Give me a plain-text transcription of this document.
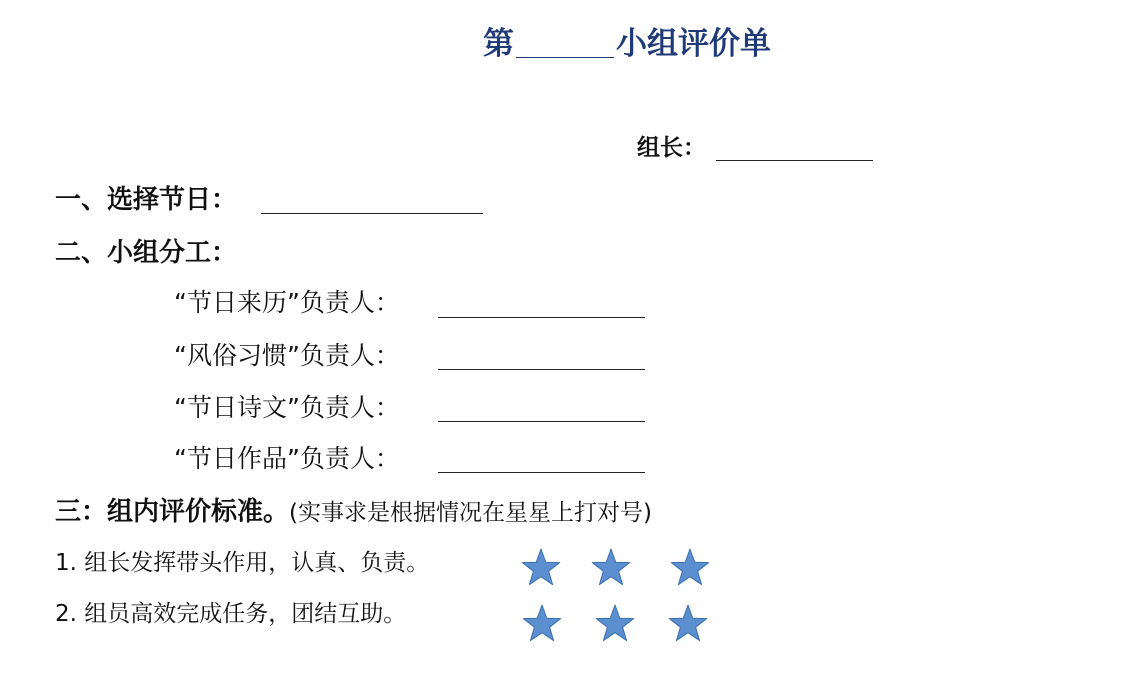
第	小组评价单
组长：
一、选择节日：
二、小组分工：
“节日来历”负责人：
“风俗习惯”负责人：
“节日诗文”负责人：
“节日作品”负责人：
三：组内评价标准。(实事求是根据情况在星星上打对号)
1. 组长发挥带头作用，认真、负责。
2. 组员高效完成任务，团结互助。
